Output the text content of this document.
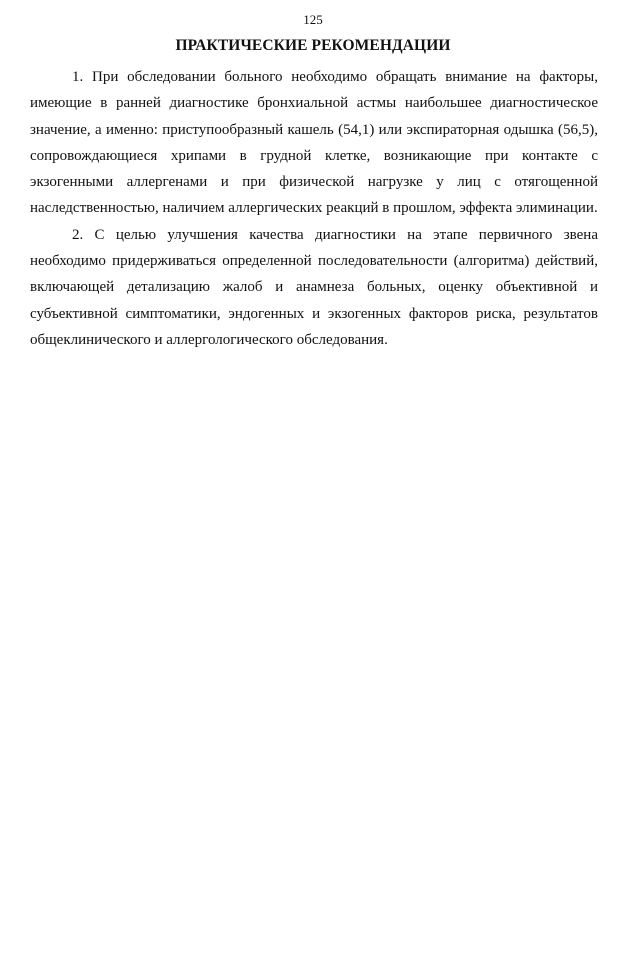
125
ПРАКТИЧЕСКИЕ РЕКОМЕНДАЦИИ

1. При обследовании больного необходимо обращать внимание на факторы, имеющие в ранней диагностике бронхиальной астмы наибольшее диагностическое значение, а именно: приступообразный кашель (54,1) или экспираторная одышка (56,5), сопровождающиеся хрипами в грудной клетке, возникающие при контакте с экзогенными аллергенами и при физической нагрузке у лиц с отягощенной наследственностью, наличием аллергических реакций в прошлом, эффекта элиминации.

2. С целью улучшения качества диагностики на этапе первичного звена необходимо придерживаться определенной последовательности (алгоритма) действий, включающей детализацию жалоб и анамнеза больных, оценку объективной и субъективной симптоматики, эндогенных и экзогенных факторов риска, результатов общеклинического и аллергологического обследования.
